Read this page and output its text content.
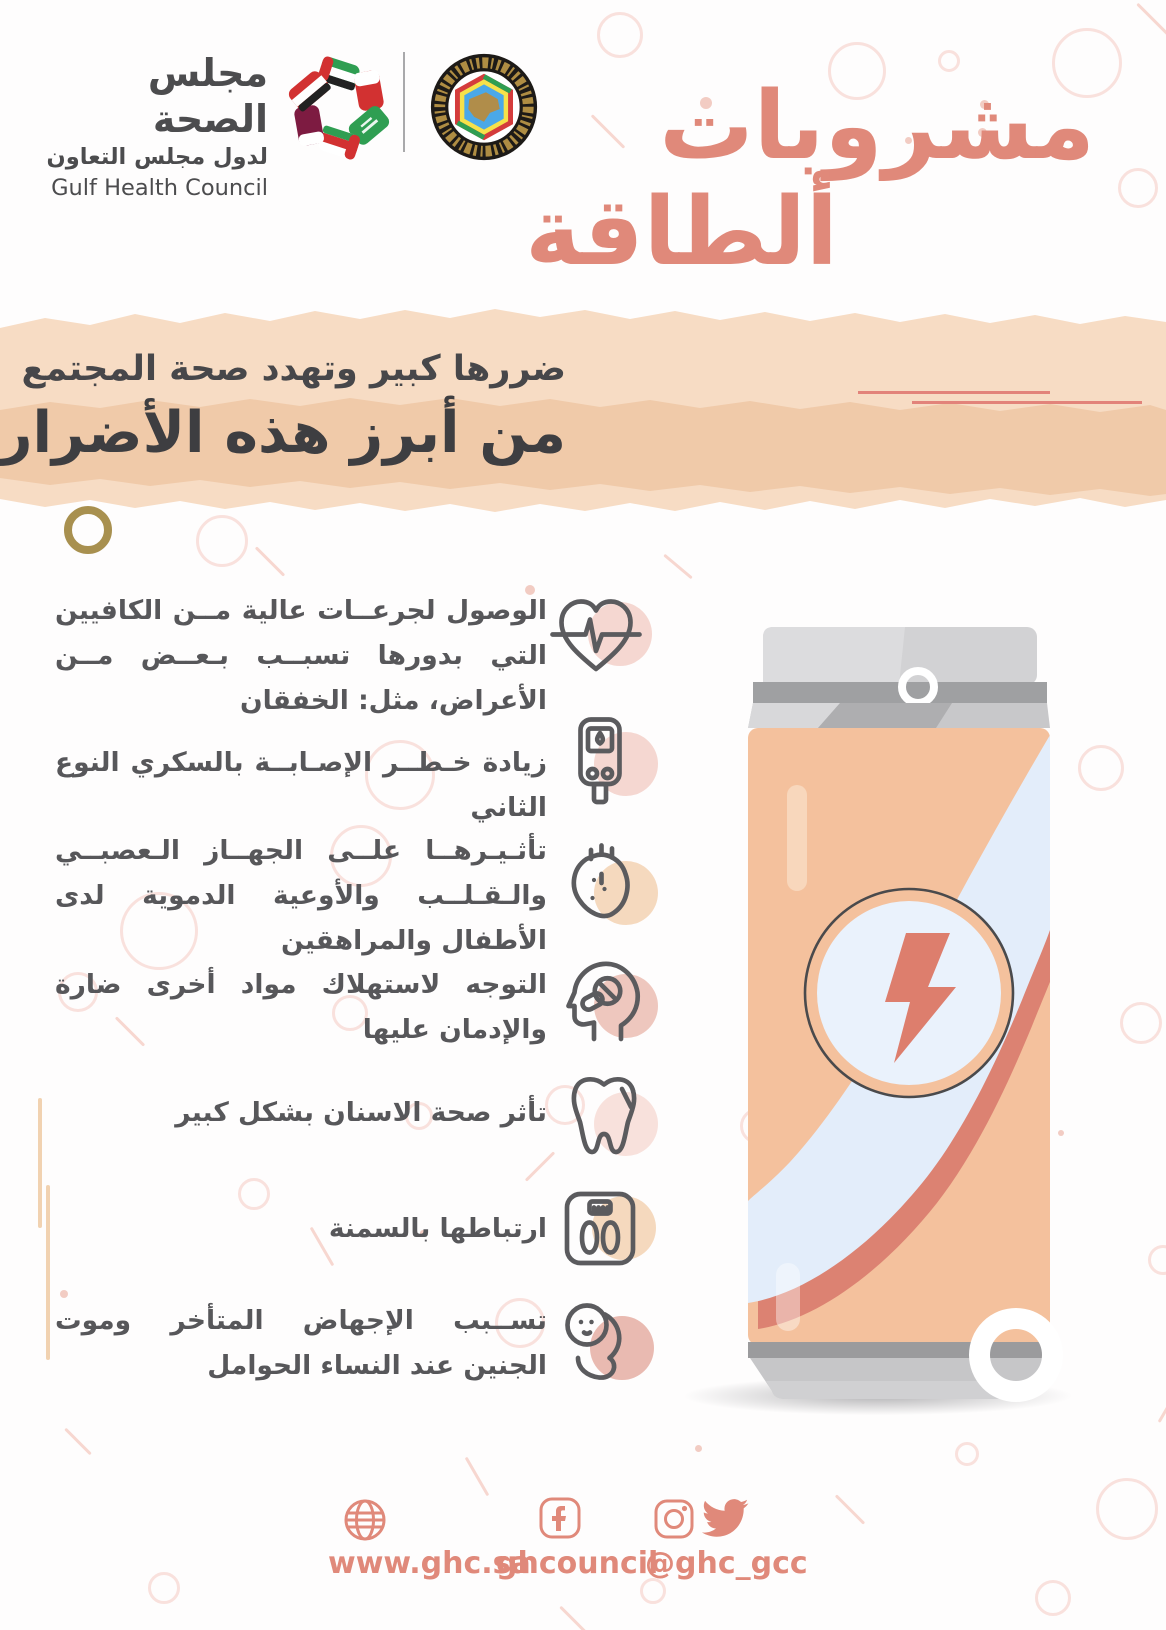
مجلس الصحة
لدول مجلس التعاون
Gulf Health Council
مشروبات
ألطاقة
ضررها كبير وتهدد صحة المجتمع
من أبرز هذه الأضرار
الوصول لجرعــات عالية مــن الكافيين التي بدورها تسبــب بـعــض مــن الأعراض، مثل: الخفقان
زيادة خـطــر الإصـابــة بالسكري النوع الثاني
تأثـيـرهــا علــى الجهــاز الـعصبــي والـقـلــب والأوعية الدموية لدى الأطفال والمراهقين
التوجه لاستهلاك مواد أخرى ضارة والإدمان عليها
تأثر صحة الاسنان بشكل كبير
ارتباطها بالسمنة
تســبب الإجهاض المتأخر وموت الجنين عند النساء الحوامل
www.ghc.sa
ghcouncil
@ghc_gcc
